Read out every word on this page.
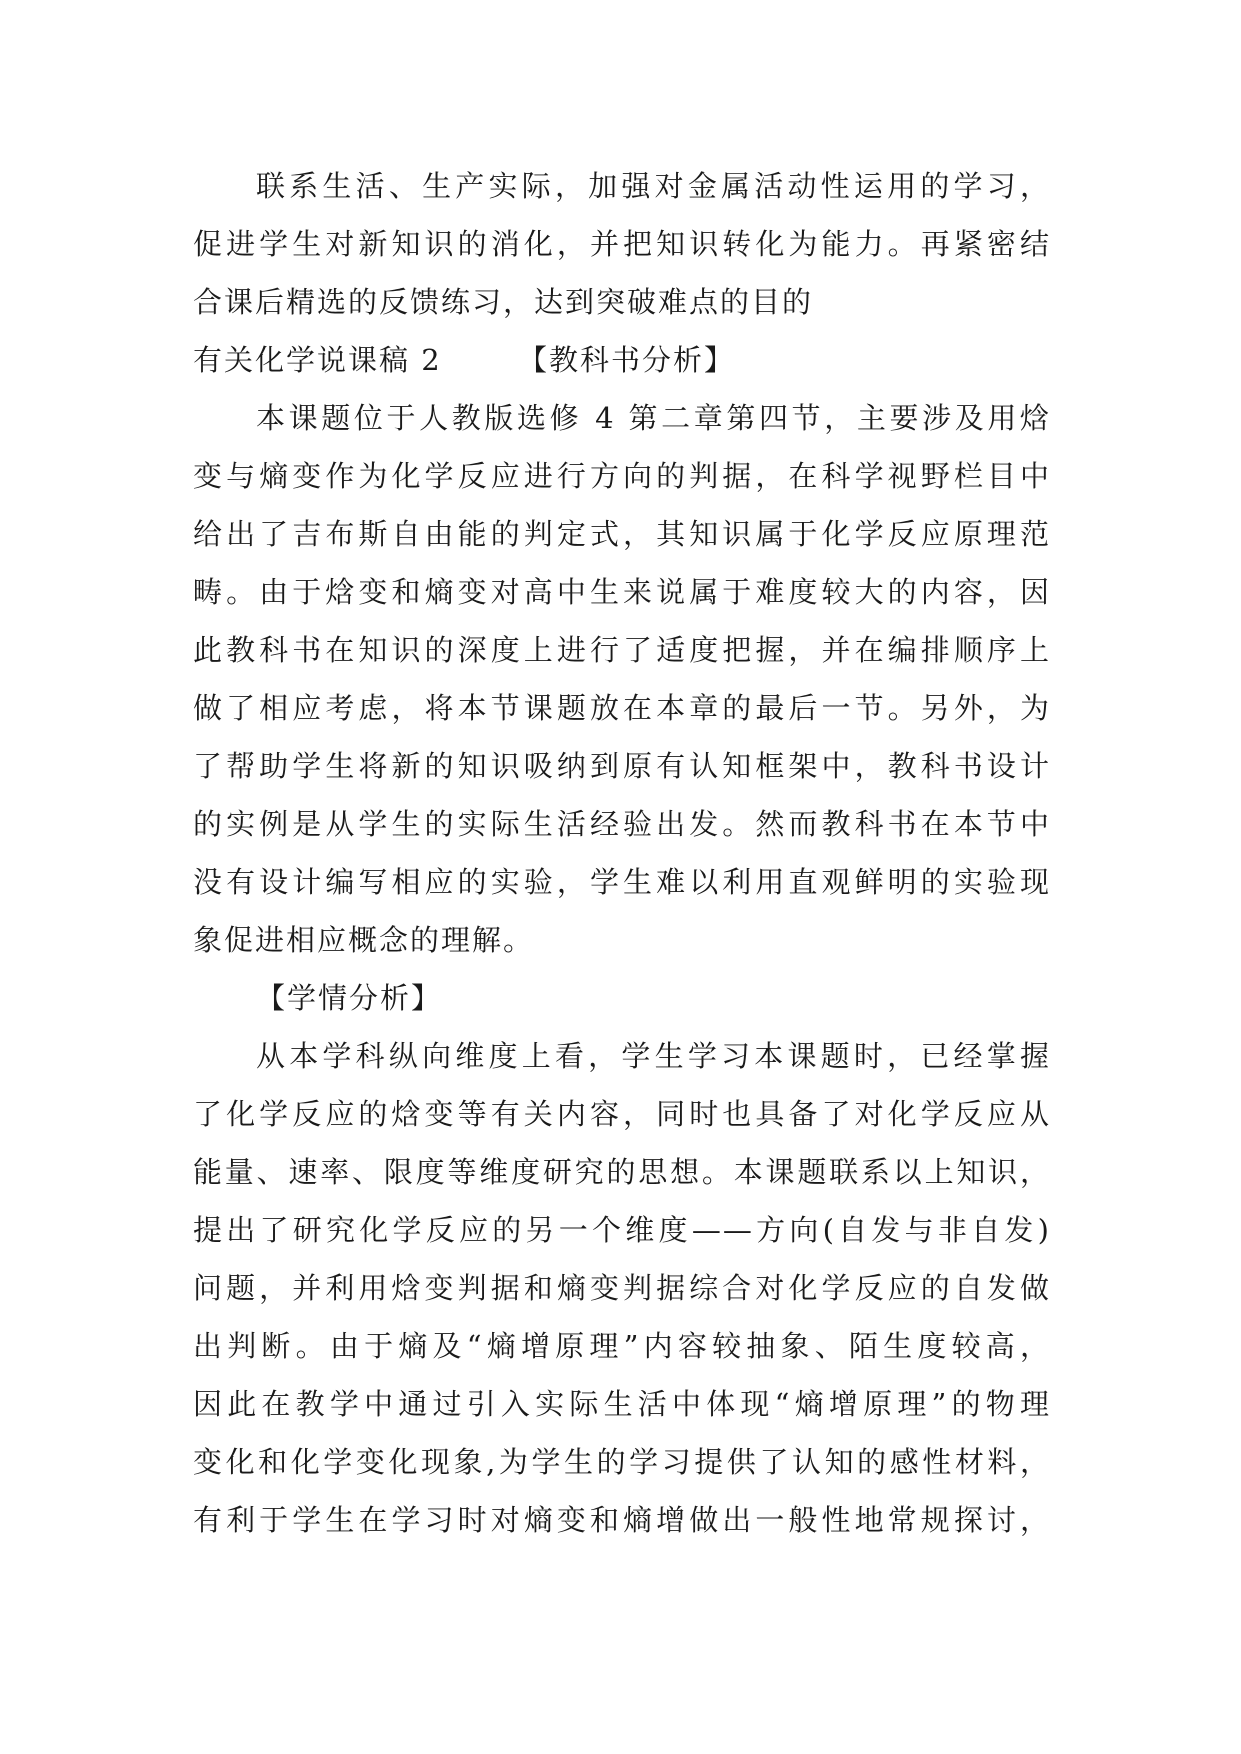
联系生活、生产实际，加强对金属活动性运用的学习，
促进学生对新知识的消化，并把知识转化为能力。再紧密结
合课后精选的反馈练习，达到突破难点的目的
有关化学说课稿 2	【教科书分析】
本课题位于人教版选修 4 第二章第四节，主要涉及用焓
变与熵变作为化学反应进行方向的判据，在科学视野栏目中
给出了吉布斯自由能的判定式，其知识属于化学反应原理范
畴。由于焓变和熵变对高中生来说属于难度较大的内容，因
此教科书在知识的深度上进行了适度把握，并在编排顺序上
做了相应考虑，将本节课题放在本章的最后一节。另外，为
了帮助学生将新的知识吸纳到原有认知框架中，教科书设计
的实例是从学生的实际生活经验出发。然而教科书在本节中
没有设计编写相应的实验，学生难以利用直观鲜明的实验现
象促进相应概念的理解。
【学情分析】
从本学科纵向维度上看，学生学习本课题时，已经掌握
了化学反应的焓变等有关内容，同时也具备了对化学反应从
能量、速率、限度等维度研究的思想。本课题联系以上知识，
提出了研究化学反应的另一个维度——方向(自发与非自发)
问题，并利用焓变判据和熵变判据综合对化学反应的自发做
出判断。由于熵及“熵增原理”内容较抽象、陌生度较高，
因此在教学中通过引入实际生活中体现“熵增原理”的物理
变化和化学变化现象,为学生的学习提供了认知的感性材料，
有利于学生在学习时对熵变和熵增做出一般性地常规探讨，
